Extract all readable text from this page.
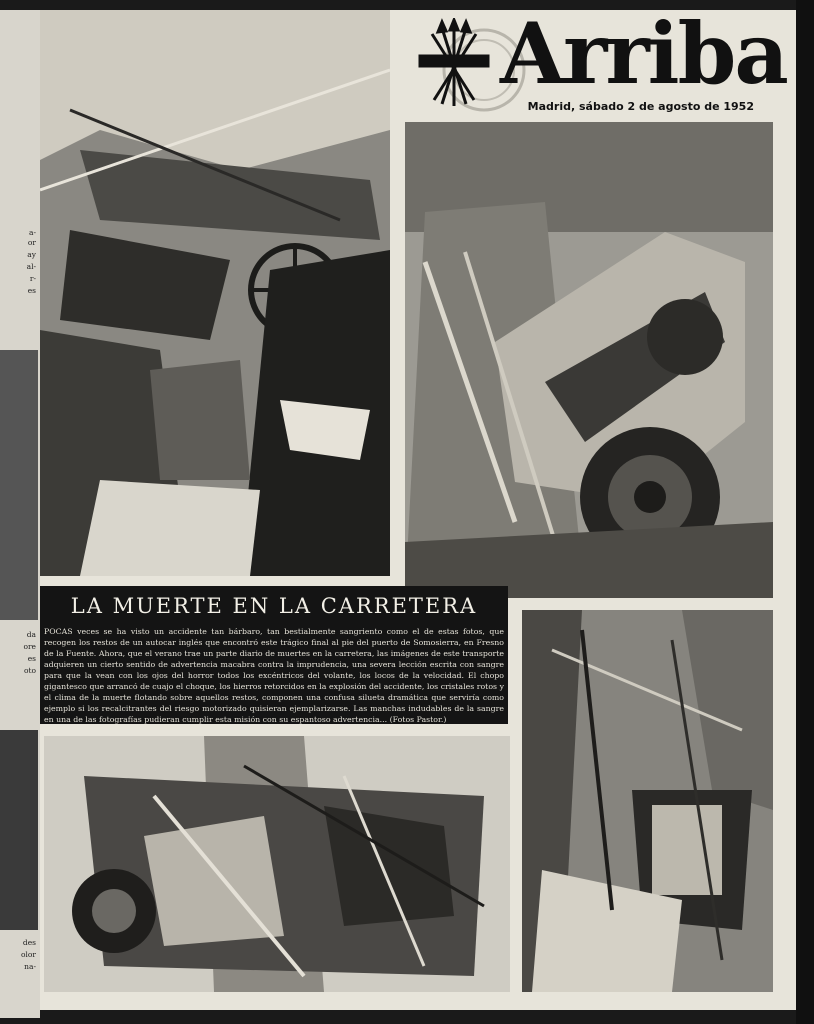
a-
or
ay
al-
r-
es
da
ore
es
oto
des
olor
na-
Arriba
Madrid, sábado 2 de agosto de 1952
LA MUERTE EN LA CARRETERA
POCAS veces se ha visto un accidente tan bárbaro, tan bestialmente sangriento como el de estas fotos, que recogen los restos de un autocar inglés que encontró este trágico final al pie del puerto de Somosierra, en Fresno de la Fuente. Ahora, que el verano trae un parte diario de muertes en la carretera, las imágenes de este transporte adquieren un cierto sentido de advertencia macabra contra la imprudencia, una severa lección escrita con sangre para que la vean con los ojos del horror todos los excéntricos del volante, los locos de la velocidad. El chopo gigantesco que arrancó de cuajo el choque, los hierros retorcidos en la explosión del accidente, los cristales rotos y el clima de la muerte flotando sobre aquellos restos, componen una confusa silueta dramática que serviría como ejemplo si los recalcitrantes del riesgo motorizado quisieran ejemplarizarse. Las manchas indudables de la sangre en una de las fotografías pudieran cumplir esta misión con su espantoso advertencia... (Fotos Pastor.)
